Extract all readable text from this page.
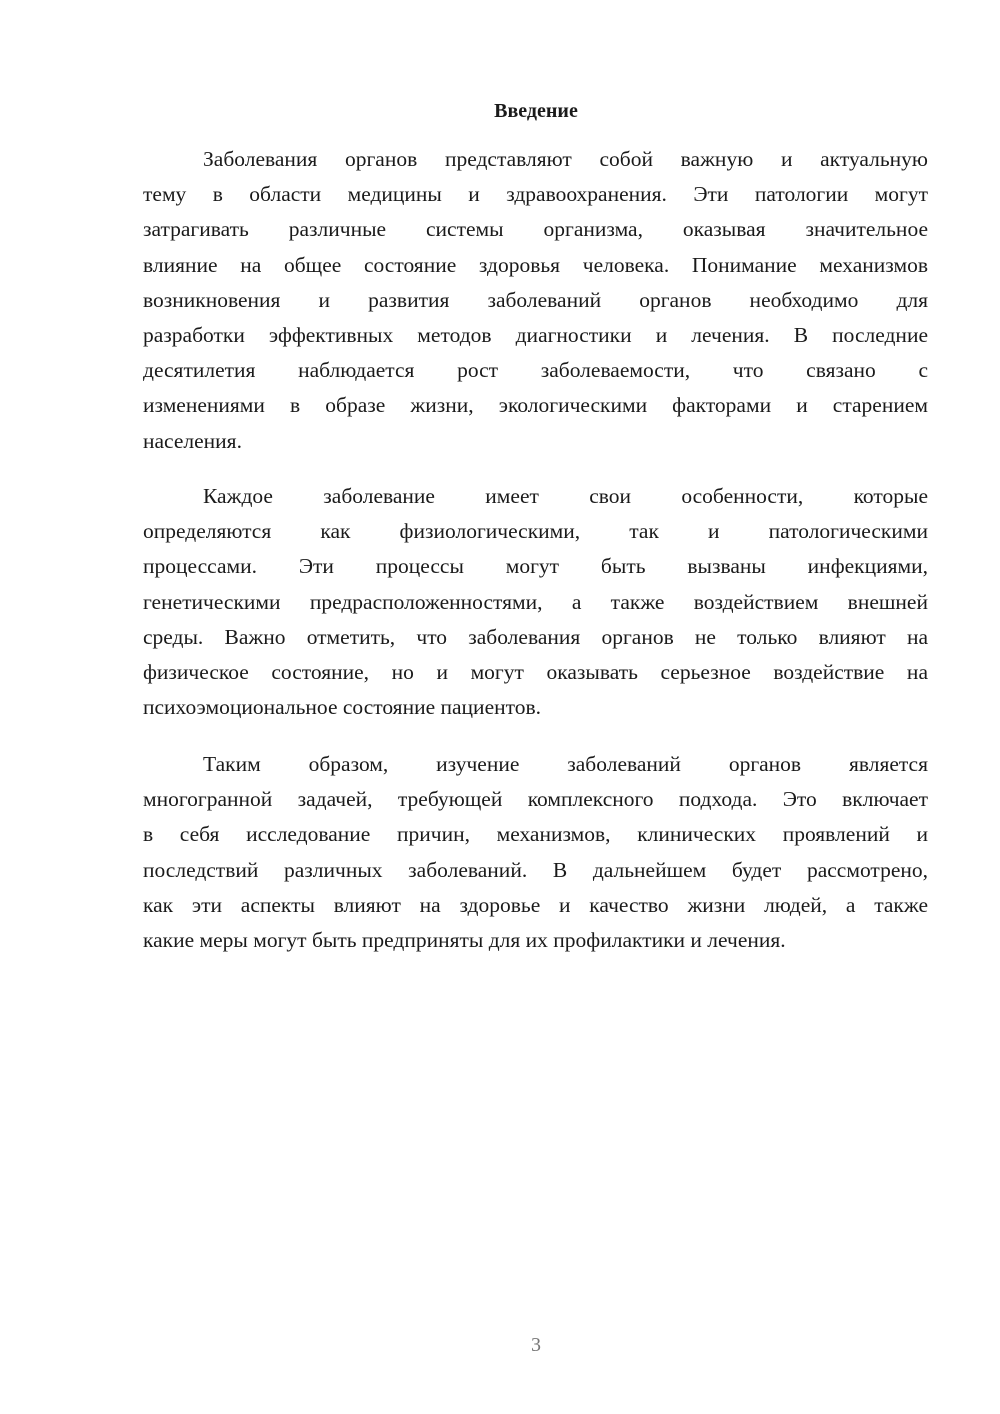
Введение
Заболевания органов представляют собой важную и актуальную
тему в области медицины и здравоохранения. Эти патологии могут
затрагивать различные системы организма, оказывая значительное
влияние на общее состояние здоровья человека. Понимание механизмов
возникновения и развития заболеваний органов необходимо для
разработки эффективных методов диагностики и лечения. В последние
десятилетия наблюдается рост заболеваемости, что связано с
изменениями в образе жизни, экологическими факторами и старением
населения.
Каждое заболевание имеет свои особенности, которые
определяются как физиологическими, так и патологическими
процессами. Эти процессы могут быть вызваны инфекциями,
генетическими предрасположенностями, а также воздействием внешней
среды. Важно отметить, что заболевания органов не только влияют на
физическое состояние, но и могут оказывать серьезное воздействие на
психоэмоциональное состояние пациентов.
Таким образом, изучение заболеваний органов является
многогранной задачей, требующей комплексного подхода. Это включает
в себя исследование причин, механизмов, клинических проявлений и
последствий различных заболеваний. В дальнейшем будет рассмотрено,
как эти аспекты влияют на здоровье и качество жизни людей, а также
какие меры могут быть предприняты для их профилактики и лечения.
3
